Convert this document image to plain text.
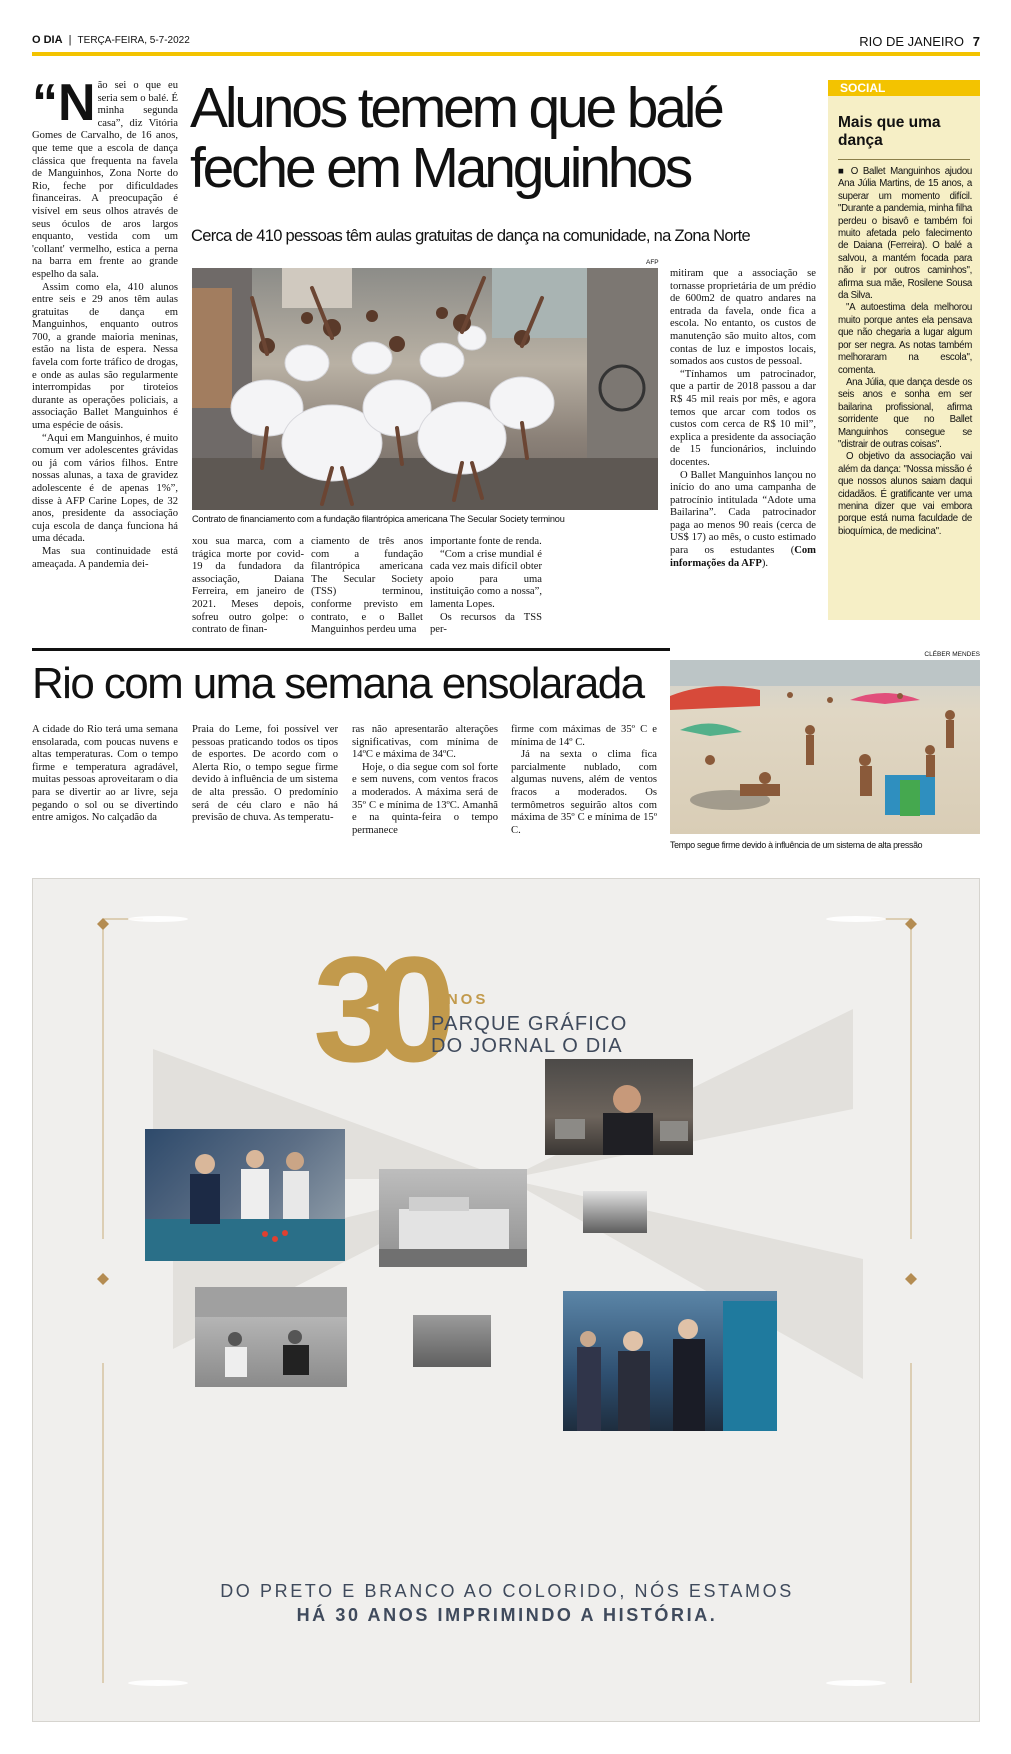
O DIA | TERÇA-FEIRA, 5-7-2022	RIO DE JANEIRO 7
Alunos temem que balé feche em Manguinhos
Cerca de 410 pessoas têm aulas gratuitas de dança na comunidade, na Zona Norte
“N ão sei o que eu seria sem o balé. É minha segunda casa”, diz Vitória Gomes de Carvalho, de 16 anos, que teme que a escola de dança clássica que frequenta na favela de Manguinhos, Zona Norte do Rio, feche por dificuldades financeiras. A preocupação é visível em seus olhos através de seus óculos de aros largos enquanto, vestida com um 'collant' vermelho, estica a perna na barra em frente ao grande espelho da sala.

Assim como ela, 410 alunos entre seis e 29 anos têm aulas gratuitas de dança em Manguinhos, enquanto outros 700, a grande maioria meninas, estão na lista de espera. Nessa favela com forte tráfico de drogas, e onde as aulas são regularmente interrompidas por tiroteios durante as operações policiais, a associação Ballet Manguinhos é uma espécie de oásis.

“Aqui em Manguinhos, é muito comum ver adolescentes grávidas ou já com vários filhos. Entre nossas alunas, a taxa de gravidez adolescente é de apenas 1%”, disse à AFP Carine Lopes, de 32 anos, presidente da associação cuja escola de dança funciona há uma década.

Mas sua continuidade está ameaçada. A pandemia dei-

AFP
Contrato de financiamento com a fundação filantrópica americana The Secular Society terminou

xou sua marca, com a trágica morte por covid-19 da fundadora da associação, Daiana Ferreira, em janeiro de 2021. Meses depois, sofreu outro golpe: o contrato de finan-

ciamento de três anos com a fundação filantrópica americana The Secular Society (TSS) terminou, conforme previsto em contrato, e o Ballet Manguinhos perdeu uma

importante fonte de renda.

“Com a crise mundial é cada vez mais difícil obter apoio para uma instituição como a nossa”, lamenta Lopes.

Os recursos da TSS per-

mitiram que a associação se tornasse proprietária de um prédio de 600m2 de quatro andares na entrada da favela, onde fica a escola. No entanto, os custos de manutenção são muito altos, com contas de luz e impostos locais, somados aos custos de pessoal.

“Tínhamos um patrocinador, que a partir de 2018 passou a dar R$ 45 mil reais por mês, e agora temos que arcar com todos os custos com cerca de R$ 10 mil”, explica a presidente da associação de 15 funcionários, incluindo docentes.

O Ballet Manguinhos lançou no início do ano uma campanha de patrocínio intitulada “Adote uma Bailarina”. Cada patrocinador paga ao menos 90 reais (cerca de US$ 17) ao mês, o custo estimado para os estudantes (Com informações da AFP).

SOCIAL
Mais que uma dança

■ O Ballet Manguinhos ajudou Ana Júlia Martins, de 15 anos, a superar um momento difícil. "Durante a pandemia, minha filha perdeu o bisavô e também foi muito afetada pelo falecimento de Daiana (Ferreira). O balé a salvou, a mantém focada para não ir por outros caminhos", afirma sua mãe, Rosilene Sousa da Silva.

"A autoestima dela melhorou muito porque antes ela pensava que não chegaria a lugar algum por ser negra. As notas também melhoraram na escola", comenta.

Ana Júlia, que dança desde os seis anos e sonha em ser bailarina profissional, afirma sorridente que no Ballet Manguinhos consegue se "distrair de outras coisas".

O objetivo da associação vai além da dança: "Nossa missão é que nossos alunos saiam daqui cidadãos. É gratificante ver uma menina dizer que vai embora porque está numa faculdade de bioquímica, de medicina".

Rio com uma semana ensolarada

A cidade do Rio terá uma semana ensolarada, com poucas nuvens e altas temperaturas. Com o tempo firme e temperatura agradável, muitas pessoas aproveitaram o dia para se divertir ao ar livre, seja pegando o sol ou se divertindo entre amigos. No calçadão da

Praia do Leme, foi possível ver pessoas praticando todos os tipos de esportes. De acordo com o Alerta Rio, o tempo segue firme devido à influência de um sistema de alta pressão. O predomínio será de céu claro e não há previsão de chuva. As temperatu-

ras não apresentarão alterações significativas, com mínima de 14ºC e máxima de 34ºC.

Hoje, o dia segue com sol forte e sem nuvens, com ventos fracos a moderados. A máxima será de 35º C e mínima de 13ºC. Amanhã e na quinta-feira o tempo permanece

firme com máximas de 35º C e mínima de 14º C.

Já na sexta o clima fica parcialmente nublado, com algumas nuvens, além de ventos fracos a moderados. Os termômetros seguirão altos com máxima de 35º C e mínima de 15º C.

CLÉBER MENDES
Tempo segue firme devido à influência de um sistema de alta pressão
30 ANOS
PARQUE GRÁFICO
DO JORNAL O DIA
DO PRETO E BRANCO AO COLORIDO, NÓS ESTAMOS
HÁ 30 ANOS IMPRIMINDO A HISTÓRIA.
